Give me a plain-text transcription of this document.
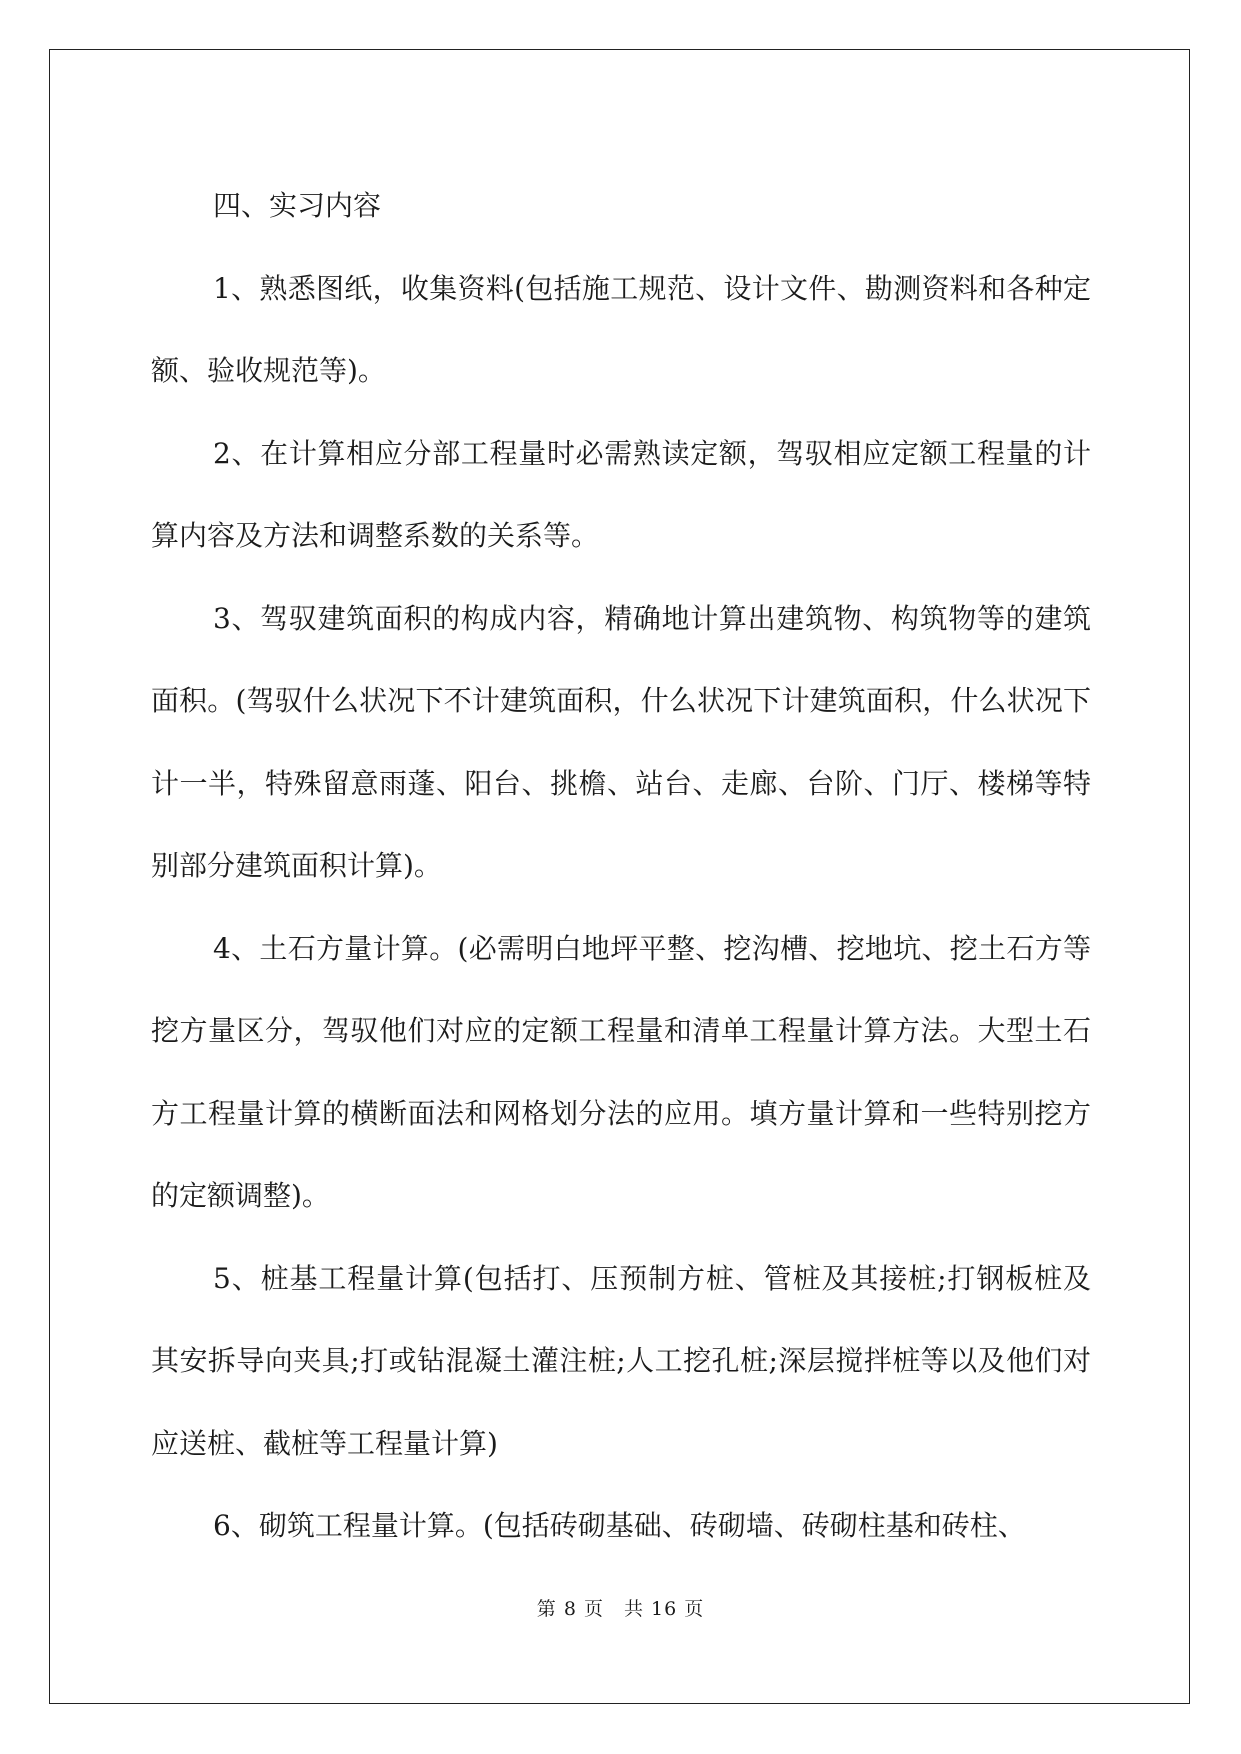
四、实习内容

1、熟悉图纸，收集资料(包括施工规范、设计文件、勘测资料和各种定额、验收规范等)。

2、在计算相应分部工程量时必需熟读定额，驾驭相应定额工程量的计算内容及方法和调整系数的关系等。

3、驾驭建筑面积的构成内容，精确地计算出建筑物、构筑物等的建筑面积。(驾驭什么状况下不计建筑面积，什么状况下计建筑面积，什么状况下计一半，特殊留意雨蓬、阳台、挑檐、站台、走廊、台阶、门厅、楼梯等特别部分建筑面积计算)。

4、土石方量计算。(必需明白地坪平整、挖沟槽、挖地坑、挖土石方等挖方量区分，驾驭他们对应的定额工程量和清单工程量计算方法。大型土石方工程量计算的横断面法和网格划分法的应用。填方量计算和一些特别挖方的定额调整)。

5、桩基工程量计算(包括打、压预制方桩、管桩及其接桩;打钢板桩及其安拆导向夹具;打或钻混凝土灌注桩;人工挖孔桩;深层搅拌桩等以及他们对应送桩、截桩等工程量计算)

6、砌筑工程量计算。(包括砖砌基础、砖砌墙、砖砌柱基和砖柱、

第 8 页　共 16 页
